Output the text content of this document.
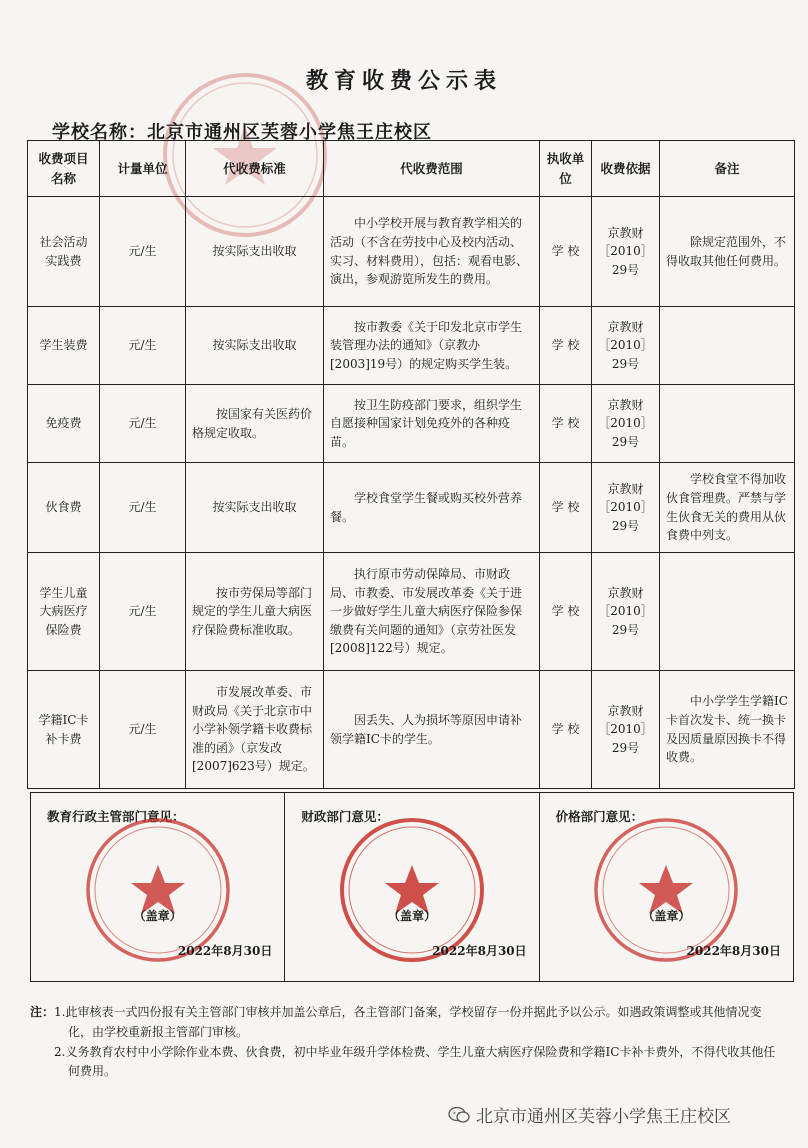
教育收费公示表
学校名称：北京市通州区芙蓉小学焦王庄校区
收费项目名称	计量单位	代收费标准	代收费范围	执收单位	收费依据	备注
社会活动实践费	元/生	按实际支出收取	中小学校开展与教育教学相关的活动（不含在劳技中心及校内活动、实习、材料费用），包括：观看电影、演出，参观游览所发生的费用。	学 校	京教财［2010］29号	除规定范围外，不得收取其他任何费用。
学生装费	元/生	按实际支出收取	按市教委《关于印发北京市学生装管理办法的通知》（京教办[2003]19号）的规定购买学生装。	学 校	京教财［2010］29号	
免疫费	元/生	按国家有关医药价格规定收取。	按卫生防疫部门要求，组织学生自愿接种国家计划免疫外的各种疫苗。	学 校	京教财［2010］29号	
伙食费	元/生	按实际支出收取	学校食堂学生餐或购买校外营养餐。	学 校	京教财［2010］29号	学校食堂不得加收伙食管理费。严禁与学生伙食无关的费用从伙食费中列支。
学生儿童大病医疗保险费	元/生	按市劳保局等部门规定的学生儿童大病医疗保险费标准收取。	执行原市劳动保障局、市财政局、市教委、市发展改革委《关于进一步做好学生儿童大病医疗保险参保缴费有关问题的通知》（京劳社医发[2008]122号）规定。	学 校	京教财［2010］29号	
学籍IC卡补卡费	元/生	市发展改革委、市财政局《关于北京市中小学补领学籍卡收费标准的函》（京发改[2007]623号）规定。	因丢失、人为损坏等原因申请补领学籍IC卡的学生。	学 校	京教财［2010］29号	中小学学生学籍IC卡首次发卡、统一换卡及因质量原因换卡不得收费。
教育行政主管部门意见：
（盖章）
2022年8月30日
财政部门意见：
（盖章）
2022年8月30日
价格部门意见：
（盖章）
2022年8月30日
注： 1.此审核表一式四份报有关主管部门审核并加盖公章后，各主管部门备案，学校留存一份并据此予以公示。如遇政策调整或其他情况变化，由学校重新报主管部门审核。
2.义务教育农村中小学除作业本费、伙食费，初中毕业年级升学体检费、学生儿童大病医疗保险费和学籍IC卡补卡费外，不得代收其他任何费用。
北京市通州区芙蓉小学焦王庄校区
